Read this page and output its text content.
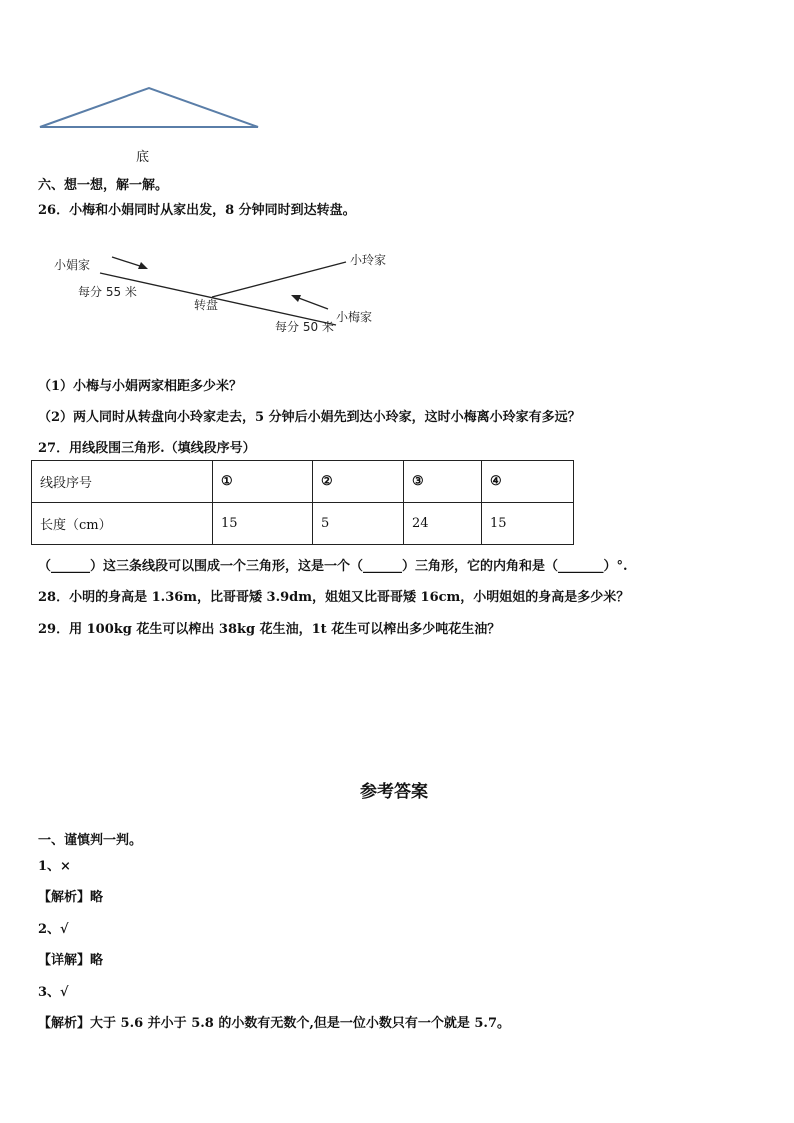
底
六、想一想，解一解。
26．小梅和小娟同时从家出发，8 分钟同时到达转盘。
小娟家	小玲家
小梅家
转盘
每分 55 米
每分 50 米
（1）小梅与小娟两家相距多少米？
（2）两人同时从转盘向小玲家走去，5 分钟后小娟先到达小玲家，这时小梅离小玲家有多远？
27．用线段围三角形.（填线段序号）
线段序号	①	②	③	④
长度（cm）	15	5	24	15
（______）这三条线段可以围成一个三角形，这是一个（______）三角形，它的内角和是（_______）°.
28．小明的身高是 1.36m，比哥哥矮 3.9dm，姐姐又比哥哥矮 16cm，小明姐姐的身高是多少米？
29．用 100kg 花生可以榨出 38kg 花生油，1t 花生可以榨出多少吨花生油？
参考答案
一、谨慎判一判。
1、×
【解析】略
2、√
【详解】略
3、√
【解析】大于 5.6 并小于 5.8 的小数有无数个,但是一位小数只有一个就是 5.7。
